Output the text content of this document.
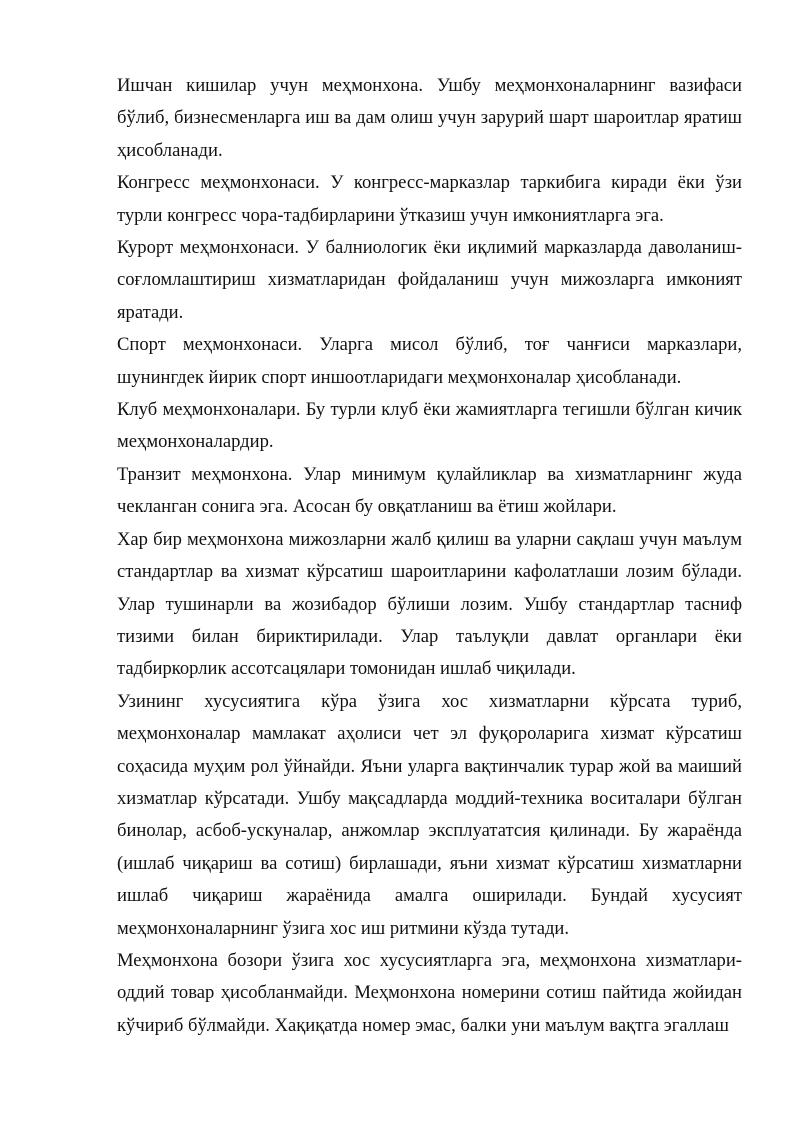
Ишчан кишилар учун меҳмонхона. Ушбу меҳмонхоналарнинг вазифаси бўлиб, бизнесменларга иш ва дам олиш учун зарурий шарт шароитлар яратиш ҳисобланади.

Конгресс меҳмонхонаси. У конгресс-марказлар таркибига киради ёки ўзи турли конгресс чора-тадбирларини ўтказиш учун имкониятларга эга.

Курорт меҳмонхонаси. У балниологик ёки иқлимий марказларда даволаниш-соғломлаштириш хизматларидан фойдаланиш учун мижозларга имконият яратади.

Спорт меҳмонхонаси. Уларга мисол бўлиб, тоғ чанғиси марказлари, шунингдек йирик спорт иншоотларидаги меҳмонхоналар ҳисобланади.

Клуб меҳмонхоналари. Бу турли клуб ёки жамиятларга тегишли бўлган кичик меҳмонхоналардир.

Транзит меҳмонхона. Улар минимум қулайликлар ва хизматларнинг жуда чекланган сонига эга. Асосан бу овқатланиш ва ётиш жойлари.

Хар бир меҳмонхона мижозларни жалб қилиш ва уларни сақлаш учун маълум стандартлар ва хизмат кўрсатиш шароитларини кафолатлаши лозим бўлади. Улар тушинарли ва жозибадор бўлиши лозим. Ушбу стандартлар тасниф тизими билан бириктирилади. Улар таълуқли давлат органлари ёки тадбиркорлик ассотсацялари томонидан ишлаб чиқилади.

Узининг хусусиятига кўра ўзига хос хизматларни кўрсата туриб, меҳмонхоналар мамлакат аҳолиси чет эл фуқороларига хизмат кўрсатиш соҳасида муҳим рол ўйнайди. Яъни уларга вақтинчалик турар жой ва маиший хизматлар кўрсатади. Ушбу мақсадларда моддий-техника воситалари бўлган бинолар, асбоб-ускуналар, анжомлар эксплуататсия қилинади. Бу жараёнда (ишлаб чиқариш ва сотиш) бирлашади, яъни хизмат кўрсатиш хизматларни ишлаб чиқариш жараёнида амалга оширилади. Бундай хусусият меҳмонхоналарнинг ўзига хос иш ритмини кўзда тутади.

Меҳмонхона бозори ўзига хос хусусиятларга эга, меҳмонхона хизматлари-оддий товар ҳисобланмайди. Меҳмонхона номерини сотиш пайтида жойидан кўчириб бўлмайди. Хақиқатда номер эмас, балки уни маълум вақтга эгаллаш
